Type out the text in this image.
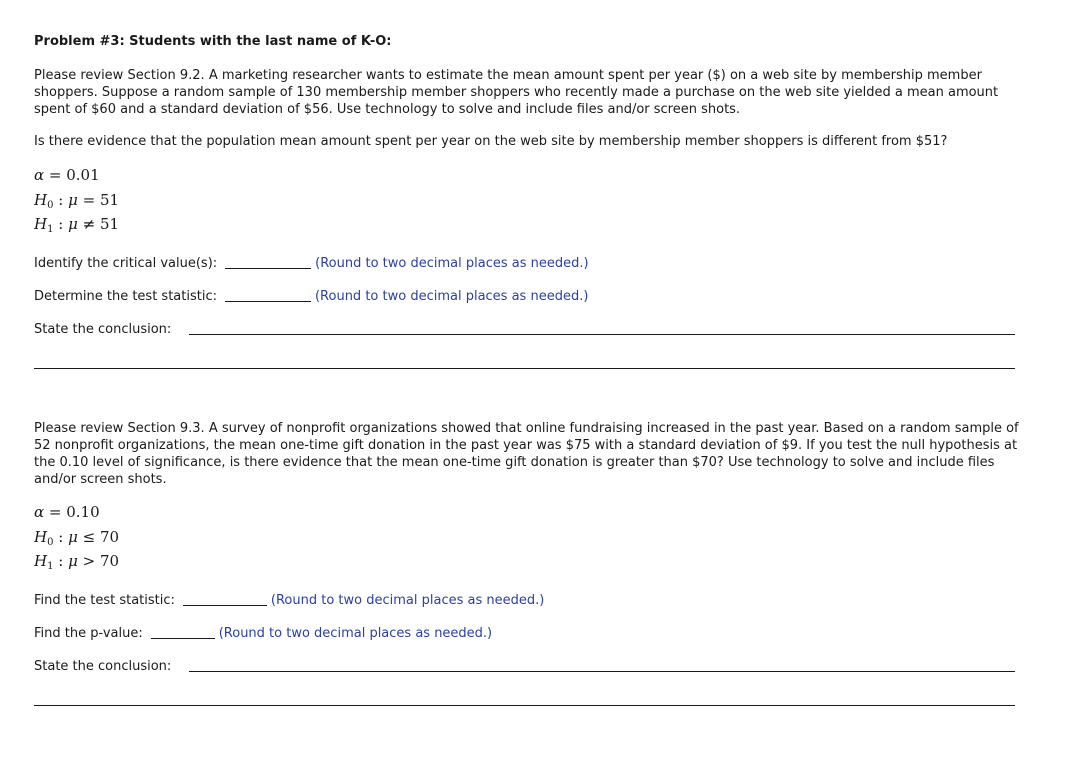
Problem #3: Students with the last name of K-O:
Please review Section 9.2. A marketing researcher wants to estimate the mean amount spent per year ($) on a web site by membership member shoppers. Suppose a random sample of 130 membership member shoppers who recently made a purchase on the web site yielded a mean amount spent of $60 and a standard deviation of $56. Use technology to solve and include files and/or screen shots.
Is there evidence that the population mean amount spent per year on the web site by membership member shoppers is different from $51?
α = 0.01
$H_0$ : μ = 51
$H_1$ : μ ≠ 51
Identify the critical value(s):	(Round to two decimal places as needed.)
Determine the test statistic:	(Round to two decimal places as needed.)
State the conclusion:
Please review Section 9.3. A survey of nonprofit organizations showed that online fundraising increased in the past year. Based on a random sample of 52 nonprofit organizations, the mean one-time gift donation in the past year was $75 with a standard deviation of $9. If you test the null hypothesis at the 0.10 level of significance, is there evidence that the mean one-time gift donation is greater than $70? Use technology to solve and include files and/or screen shots.
α = 0.10
$H_0$ : μ ≤ 70
$H_1$ : μ > 70
Find the test statistic:	(Round to two decimal places as needed.)
Find the p-value:	(Round to two decimal places as needed.)
State the conclusion:
